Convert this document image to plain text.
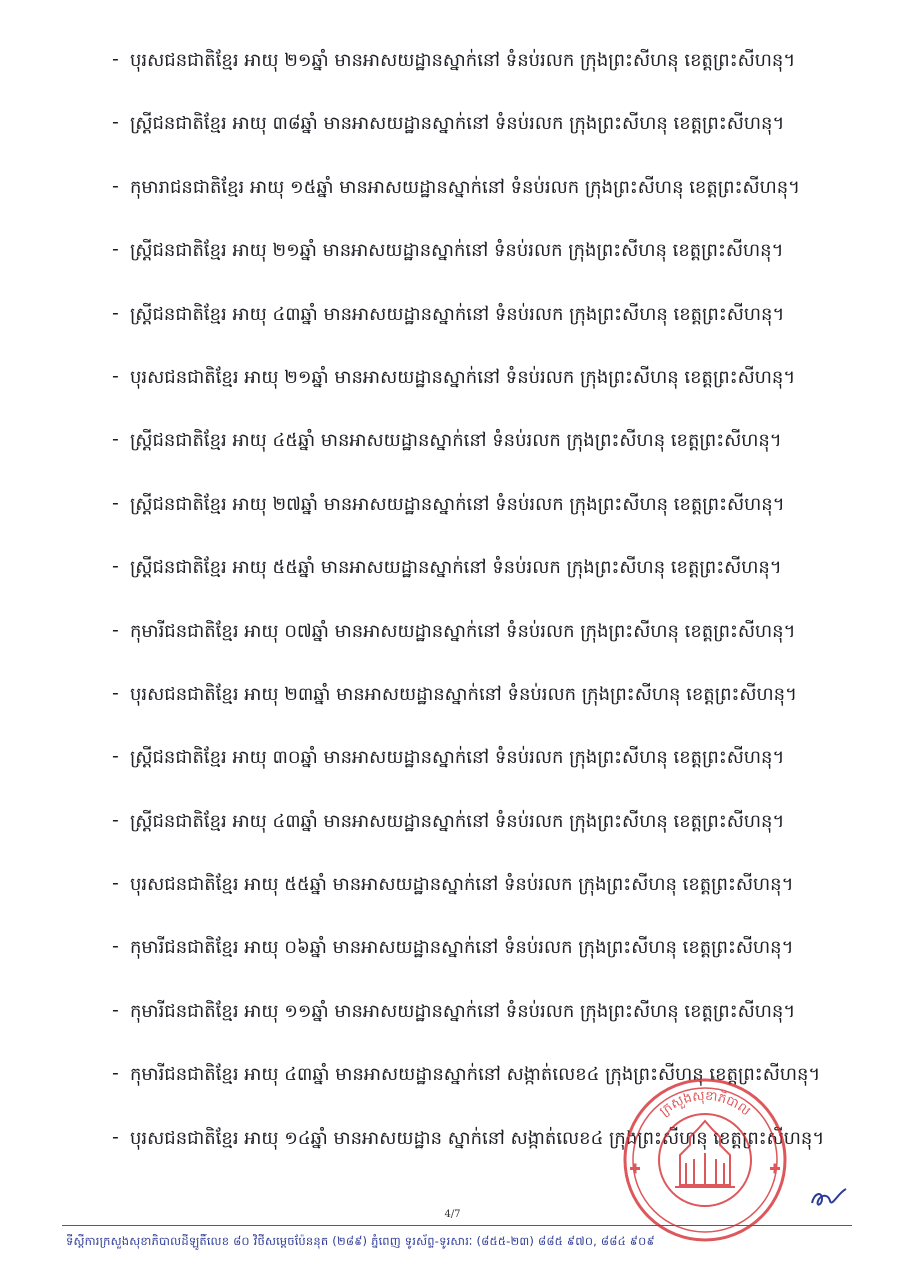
- បុរសជនជាតិខ្មែរ អាយុ ២១ឆ្នាំ មានអាសយដ្ឋានស្នាក់នៅ ទំនប់រលក ក្រុងព្រះសីហនុ ខេត្តព្រះសីហនុ។
- ស្ត្រីជនជាតិខ្មែរ អាយុ ៣៨ឆ្នាំ មានអាសយដ្ឋានស្នាក់នៅ ទំនប់រលក ក្រុងព្រះសីហនុ ខេត្តព្រះសីហនុ។
- កុមារាជនជាតិខ្មែរ អាយុ ១៥ឆ្នាំ មានអាសយដ្ឋានស្នាក់នៅ ទំនប់រលក ក្រុងព្រះសីហនុ ខេត្តព្រះសីហនុ។
- ស្ត្រីជនជាតិខ្មែរ អាយុ ២១ឆ្នាំ មានអាសយដ្ឋានស្នាក់នៅ ទំនប់រលក ក្រុងព្រះសីហនុ ខេត្តព្រះសីហនុ។
- ស្ត្រីជនជាតិខ្មែរ អាយុ ៤៣ឆ្នាំ មានអាសយដ្ឋានស្នាក់នៅ ទំនប់រលក ក្រុងព្រះសីហនុ ខេត្តព្រះសីហនុ។
- បុរសជនជាតិខ្មែរ អាយុ ២១ឆ្នាំ មានអាសយដ្ឋានស្នាក់នៅ ទំនប់រលក ក្រុងព្រះសីហនុ ខេត្តព្រះសីហនុ។
- ស្ត្រីជនជាតិខ្មែរ អាយុ ៤៥ឆ្នាំ មានអាសយដ្ឋានស្នាក់នៅ ទំនប់រលក ក្រុងព្រះសីហនុ ខេត្តព្រះសីហនុ។
- ស្ត្រីជនជាតិខ្មែរ អាយុ ២៧ឆ្នាំ មានអាសយដ្ឋានស្នាក់នៅ ទំនប់រលក ក្រុងព្រះសីហនុ ខេត្តព្រះសីហនុ។
- ស្ត្រីជនជាតិខ្មែរ អាយុ ៥៥ឆ្នាំ មានអាសយដ្ឋានស្នាក់នៅ ទំនប់រលក ក្រុងព្រះសីហនុ ខេត្តព្រះសីហនុ។
- កុមារីជនជាតិខ្មែរ អាយុ ០៧ឆ្នាំ មានអាសយដ្ឋានស្នាក់នៅ ទំនប់រលក ក្រុងព្រះសីហនុ ខេត្តព្រះសីហនុ។
- បុរសជនជាតិខ្មែរ អាយុ ២៣ឆ្នាំ មានអាសយដ្ឋានស្នាក់នៅ ទំនប់រលក ក្រុងព្រះសីហនុ ខេត្តព្រះសីហនុ។
- ស្ត្រីជនជាតិខ្មែរ អាយុ ៣០ឆ្នាំ មានអាសយដ្ឋានស្នាក់នៅ ទំនប់រលក ក្រុងព្រះសីហនុ ខេត្តព្រះសីហនុ។
- ស្ត្រីជនជាតិខ្មែរ អាយុ ៤៣ឆ្នាំ មានអាសយដ្ឋានស្នាក់នៅ ទំនប់រលក ក្រុងព្រះសីហនុ ខេត្តព្រះសីហនុ។
- បុរសជនជាតិខ្មែរ អាយុ ៥៥ឆ្នាំ មានអាសយដ្ឋានស្នាក់នៅ ទំនប់រលក ក្រុងព្រះសីហនុ ខេត្តព្រះសីហនុ។
- កុមារីជនជាតិខ្មែរ អាយុ ០៦ឆ្នាំ មានអាសយដ្ឋានស្នាក់នៅ ទំនប់រលក ក្រុងព្រះសីហនុ ខេត្តព្រះសីហនុ។
- កុមារីជនជាតិខ្មែរ អាយុ ១១ឆ្នាំ មានអាសយដ្ឋានស្នាក់នៅ ទំនប់រលក ក្រុងព្រះសីហនុ ខេត្តព្រះសីហនុ។
- កុមារីជនជាតិខ្មែរ អាយុ ៤៣ឆ្នាំ មានអាសយដ្ឋានស្នាក់នៅ សង្កាត់លេខ៤ ក្រុងព្រះសីហនុ ខេត្តព្រះសីហនុ។
- បុរសជនជាតិខ្មែរ អាយុ ១៤ឆ្នាំ មានអាសយដ្ឋាន ស្នាក់នៅ សង្កាត់លេខ៤ ក្រុងព្រះសីហនុ ខេត្តព្រះសីហនុ។
ក្រសួងសុខាភិបាល
4/7
ទីស្តីការក្រសួងសុខាភិបាលដីឡូតិ៍លេខ ៨០ វិថីសម្តេចប៉ែននុត (២៨៩) ភ្នំពេញ ទូរស័ព្ទ-ទូរសារៈ (៨៥៥-២៣) ៨៨៥ ៩៧០, ៨៨៤ ៩០៩
